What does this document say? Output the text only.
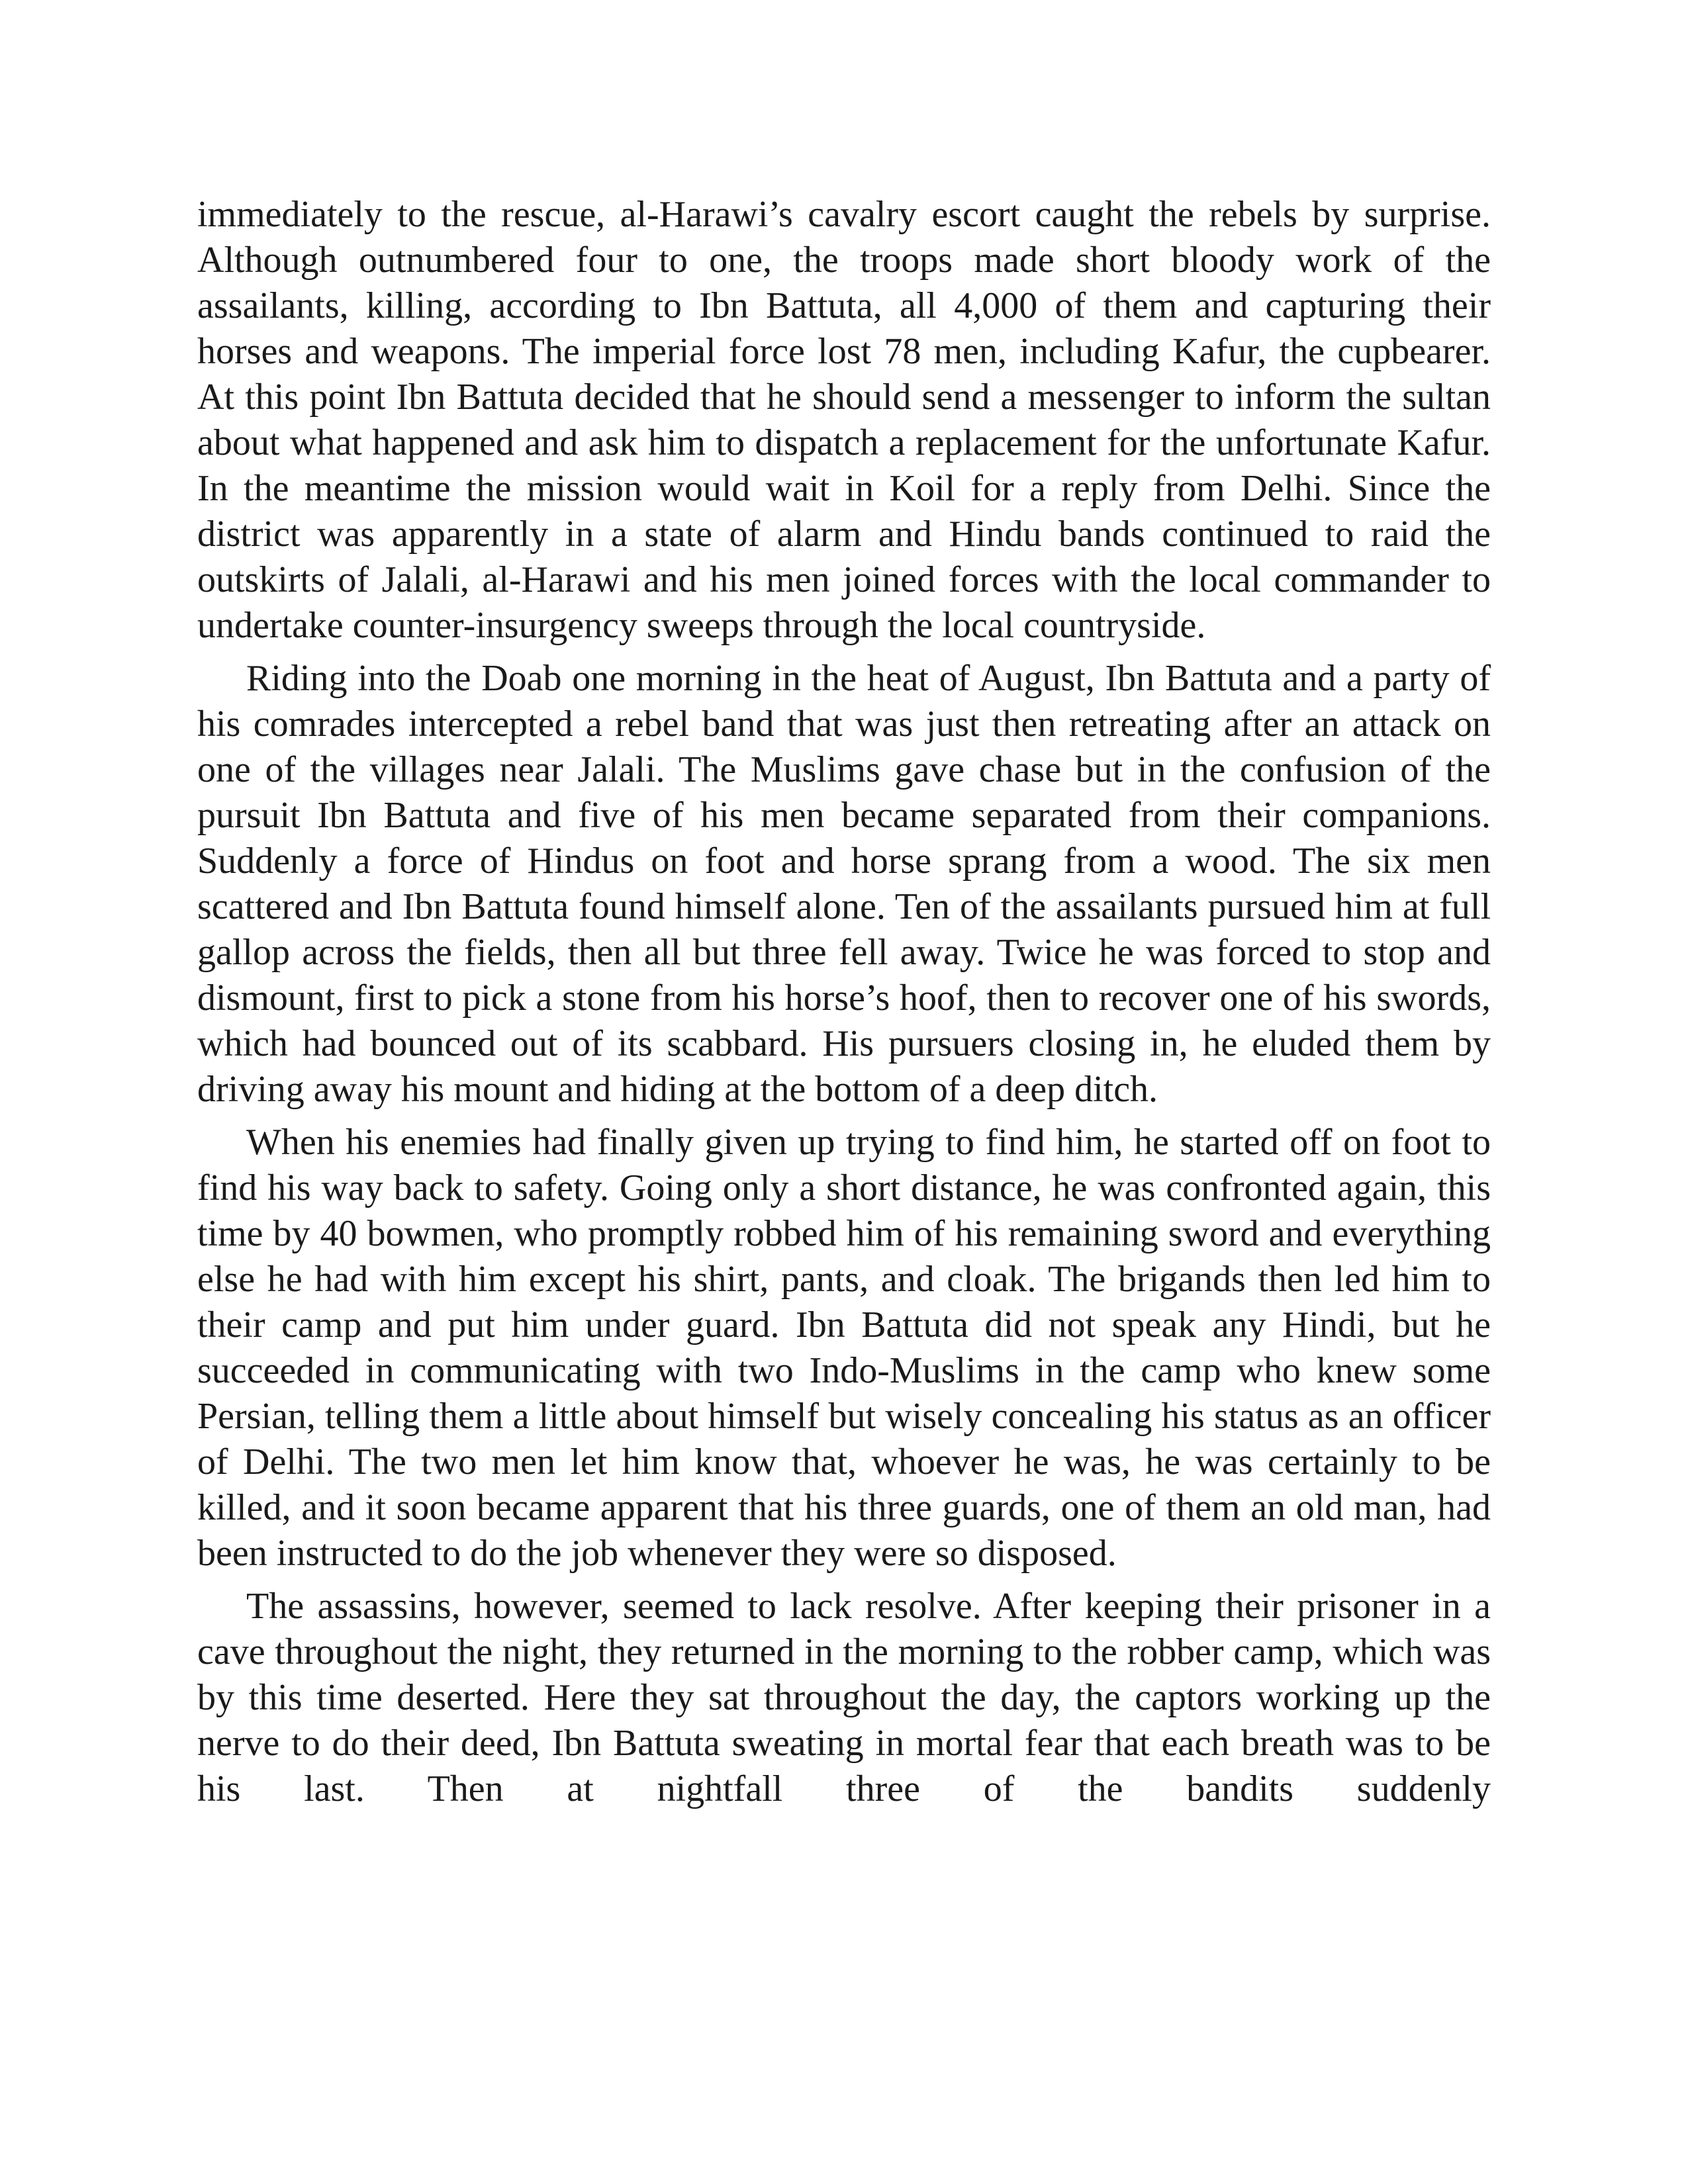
immediately to the rescue, al-Harawi’s cavalry escort caught the rebels by surprise. Although outnumbered four to one, the troops made short bloody work of the assailants, killing, according to Ibn Battuta, all 4,000 of them and capturing their horses and weapons. The imperial force lost 78 men, including Kafur, the cupbearer. At this point Ibn Battuta decided that he should send a messenger to inform the sultan about what happened and ask him to dispatch a replacement for the unfortunate Kafur. In the meantime the mission would wait in Koil for a reply from Delhi. Since the district was apparently in a state of alarm and Hindu bands continued to raid the outskirts of Jalali, al-Harawi and his men joined forces with the local commander to undertake counter-insurgency sweeps through the local countryside.

Riding into the Doab one morning in the heat of August, Ibn Battuta and a party of his comrades intercepted a rebel band that was just then retreating after an attack on one of the villages near Jalali. The Muslims gave chase but in the confusion of the pursuit Ibn Battuta and five of his men became separated from their companions. Suddenly a force of Hindus on foot and horse sprang from a wood. The six men scattered and Ibn Battuta found himself alone. Ten of the assailants pursued him at full gallop across the fields, then all but three fell away. Twice he was forced to stop and dismount, first to pick a stone from his horse’s hoof, then to recover one of his swords, which had bounced out of its scabbard. His pursuers closing in, he eluded them by driving away his mount and hiding at the bottom of a deep ditch.

When his enemies had finally given up trying to find him, he started off on foot to find his way back to safety. Going only a short distance, he was confronted again, this time by 40 bowmen, who promptly robbed him of his remaining sword and everything else he had with him except his shirt, pants, and cloak. The brigands then led him to their camp and put him under guard. Ibn Battuta did not speak any Hindi, but he succeeded in communicating with two Indo-Muslims in the camp who knew some Persian, telling them a little about himself but wisely concealing his status as an officer of Delhi. The two men let him know that, whoever he was, he was certainly to be killed, and it soon became apparent that his three guards, one of them an old man, had been instructed to do the job whenever they were so disposed.

The assassins, however, seemed to lack resolve. After keeping their prisoner in a cave throughout the night, they returned in the morning to the robber camp, which was by this time deserted. Here they sat throughout the day, the captors working up the nerve to do their deed, Ibn Battuta sweating in mortal fear that each breath was to be his last. Then at nightfall three of the bandits suddenly
